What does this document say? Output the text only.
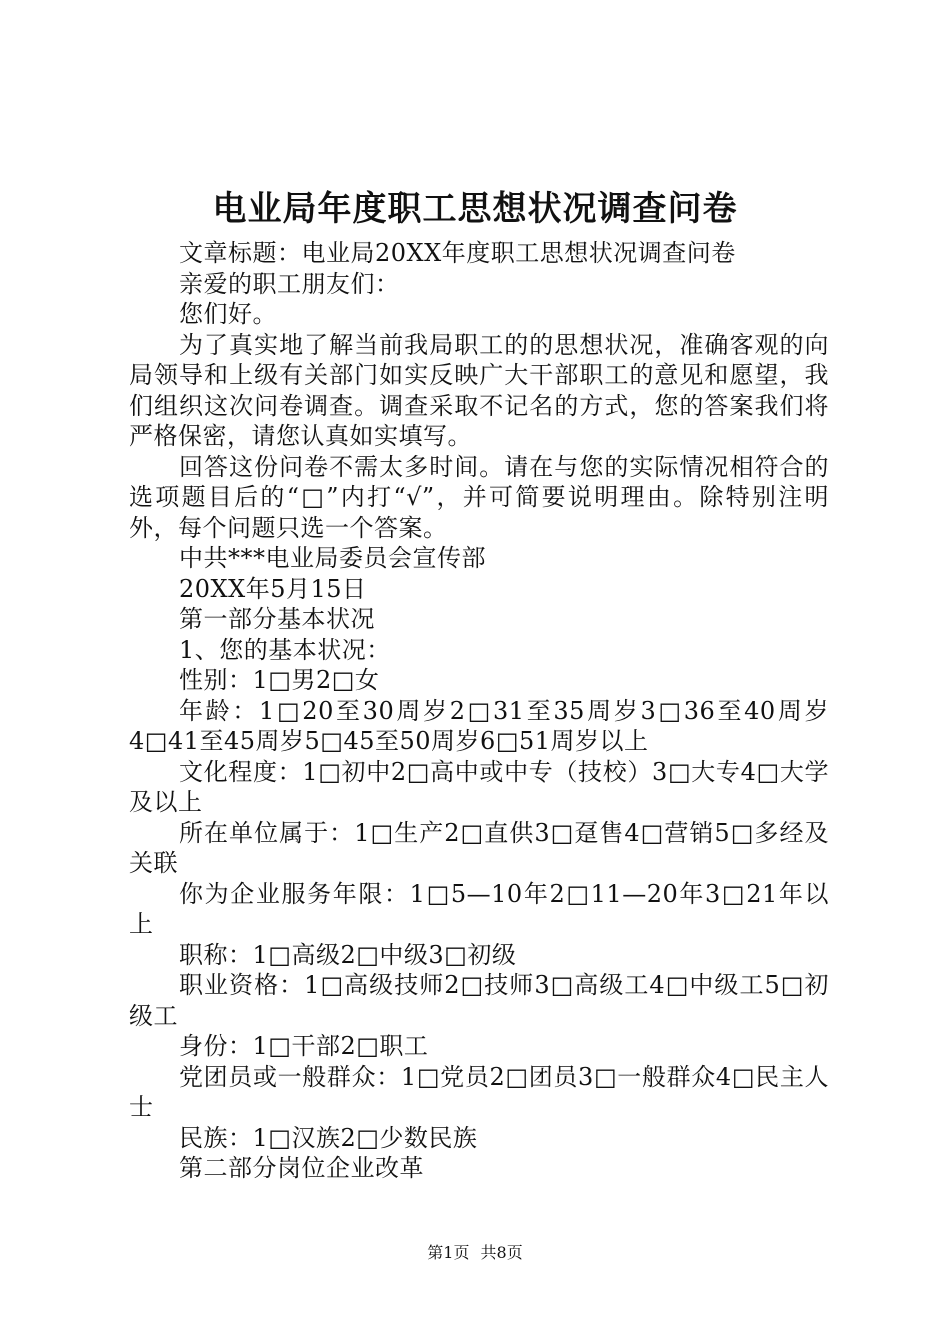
电业局年度职工思想状况调查问卷

文章标题：电业局20XX年度职工思想状况调查问卷

亲爱的职工朋友们：

您们好。

为了真实地了解当前我局职工的的思想状况，准确客观的向局领导和上级有关部门如实反映广大干部职工的意见和愿望，我们组织这次问卷调查。调查采取不记名的方式，您的答案我们将严格保密，请您认真如实填写。

回答这份问卷不需太多时间。请在与您的实际情况相符合的选项题目后的“□”内打“√”，并可简要说明理由。除特别注明外，每个问题只选一个答案。

中共***电业局委员会宣传部

20XX年5月15日

第一部分基本状况

1、您的基本状况：

性别：1□男2□女

年龄：1□20至30周岁2□31至35周岁3□36至40周岁4□41至45周岁5□45至50周岁6□51周岁以上

文化程度：1□初中2□高中或中专（技校）3□大专4□大学及以上

所在单位属于：1□生产2□直供3□趸售4□营销5□多经及关联

你为企业服务年限：1□5—10年2□11—20年3□21年以上

职称：1□高级2□中级3□初级

职业资格：1□高级技师2□技师3□高级工4□中级工5□初级工

身份：1□干部2□职工

党团员或一般群众：1□党员2□团员3□一般群众4□民主人士

民族：1□汉族2□少数民族

第二部分岗位企业改革

第1页 共8页
